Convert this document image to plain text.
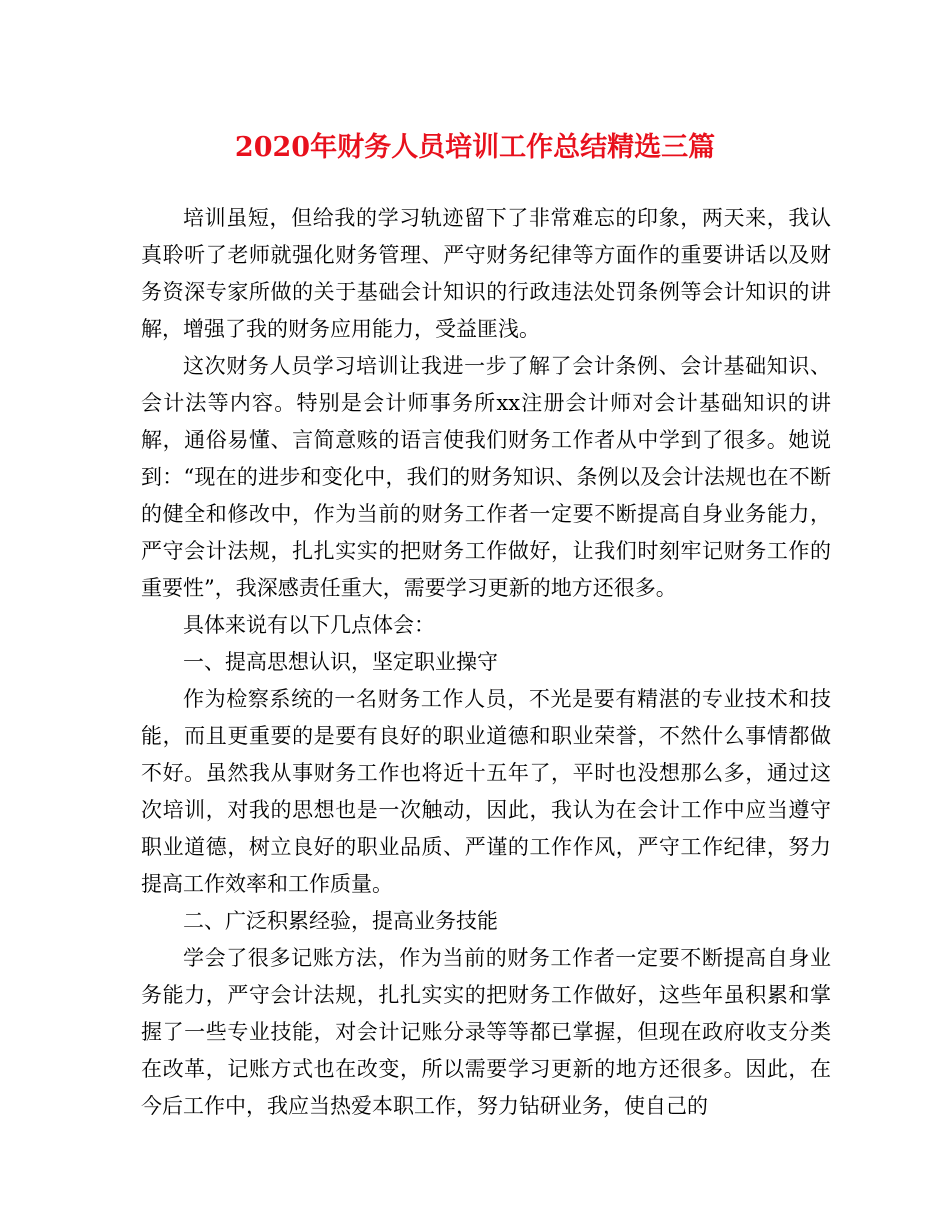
2020年财务人员培训工作总结精选三篇

培训虽短，但给我的学习轨迹留下了非常难忘的印象，两天来，我认真聆听了老师就强化财务管理、严守财务纪律等方面作的重要讲话以及财务资深专家所做的关于基础会计知识的行政违法处罚条例等会计知识的讲解，增强了我的财务应用能力，受益匪浅。

这次财务人员学习培训让我进一步了解了会计条例、会计基础知识、会计法等内容。特别是会计师事务所xx注册会计师对会计基础知识的讲解，通俗易懂、言简意赅的语言使我们财务工作者从中学到了很多。她说到：“现在的进步和变化中，我们的财务知识、条例以及会计法规也在不断的健全和修改中，作为当前的财务工作者一定要不断提高自身业务能力，严守会计法规，扎扎实实的把财务工作做好，让我们时刻牢记财务工作的重要性”，我深感责任重大，需要学习更新的地方还很多。

具体来说有以下几点体会：

一、提高思想认识，坚定职业操守

作为检察系统的一名财务工作人员，不光是要有精湛的专业技术和技能，而且更重要的是要有良好的职业道德和职业荣誉，不然什么事情都做不好。虽然我从事财务工作也将近十五年了，平时也没想那么多，通过这次培训，对我的思想也是一次触动，因此，我认为在会计工作中应当遵守职业道德，树立良好的职业品质、严谨的工作作风，严守工作纪律，努力提高工作效率和工作质量。

二、广泛积累经验，提高业务技能

学会了很多记账方法，作为当前的财务工作者一定要不断提高自身业务能力，严守会计法规，扎扎实实的把财务工作做好，这些年虽积累和掌握了一些专业技能，对会计记账分录等等都已掌握，但现在政府收支分类在改革，记账方式也在改变，所以需要学习更新的地方还很多。因此，在今后工作中，我应当热爱本职工作，努力钻研业务，使自己的
